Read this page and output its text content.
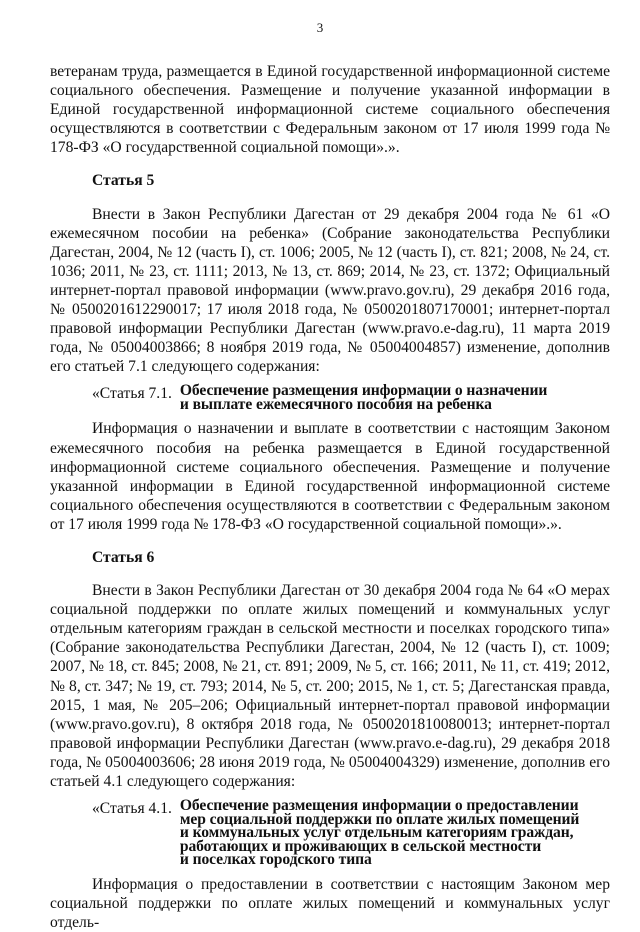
3

ветеранам труда, размещается в Единой государственной информационной системе социального обеспечения. Размещение и получение указанной информации в Единой государственной информационной системе социального обеспечения осуществляются в соответствии с Федеральным законом от 17 июля 1999 года № 178-ФЗ «О государственной социальной помощи».».

Статья 5

Внести в Закон Республики Дагестан от 29 декабря 2004 года № 61 «О ежемесячном пособии на ребенка» (Собрание законодательства Республики Дагестан, 2004, № 12 (часть I), ст. 1006; 2005, № 12 (часть I), ст. 821; 2008, № 24, ст. 1036; 2011, № 23, ст. 1111; 2013, № 13, ст. 869; 2014, № 23, ст. 1372; Официальный интернет-портал правовой информации (www.pravo.gov.ru), 29 декабря 2016 года, № 0500201612290017; 17 июля 2018 года, № 0500201807170001; интернет-портал правовой информации Республики Дагестан (www.pravo.e-dag.ru), 11 марта 2019 года, № 05004003866; 8 ноября 2019 года, № 05004004857) изменение, дополнив его статьей 7.1 следующего содержания:

«Статья 7.1. Обеспечение размещения информации о назначении
и выплате ежемесячного пособия на ребенка

Информация о назначении и выплате в соответствии с настоящим Законом ежемесячного пособия на ребенка размещается в Единой государственной информационной системе социального обеспечения. Размещение и получение указанной информации в Единой государственной информационной системе социального обеспечения осуществляются в соответствии с Федеральным законом от 17 июля 1999 года № 178-ФЗ «О государственной социальной помощи».».

Статья 6

Внести в Закон Республики Дагестан от 30 декабря 2004 года № 64 «О мерах социальной поддержки по оплате жилых помещений и коммунальных услуг отдельным категориям граждан в сельской местности и поселках городского типа» (Собрание законодательства Республики Дагестан, 2004, № 12 (часть I), ст. 1009; 2007, № 18, ст. 845; 2008, № 21, ст. 891; 2009, № 5, ст. 166; 2011, № 11, ст. 419; 2012, № 8, ст. 347; № 19, ст. 793; 2014, № 5, ст. 200; 2015, № 1, ст. 5; Дагестанская правда, 2015, 1 мая, № 205–206; Официальный интернет-портал правовой информации (www.pravo.gov.ru), 8 октября 2018 года, № 0500201810080013; интернет-портал правовой информации Республики Дагестан (www.pravo.e-dag.ru), 29 декабря 2018 года, № 05004003606; 28 июня 2019 года, № 05004004329) изменение, дополнив его статьей 4.1 следующего содержания:

«Статья 4.1. Обеспечение размещения информации о предоставлении
мер социальной поддержки по оплате жилых помещений
и коммунальных услуг отдельным категориям граждан,
работающих и проживающих в сельской местности
и поселках городского типа

Информация о предоставлении в соответствии с настоящим Законом мер социальной поддержки по оплате жилых помещений и коммунальных услуг отдель-
